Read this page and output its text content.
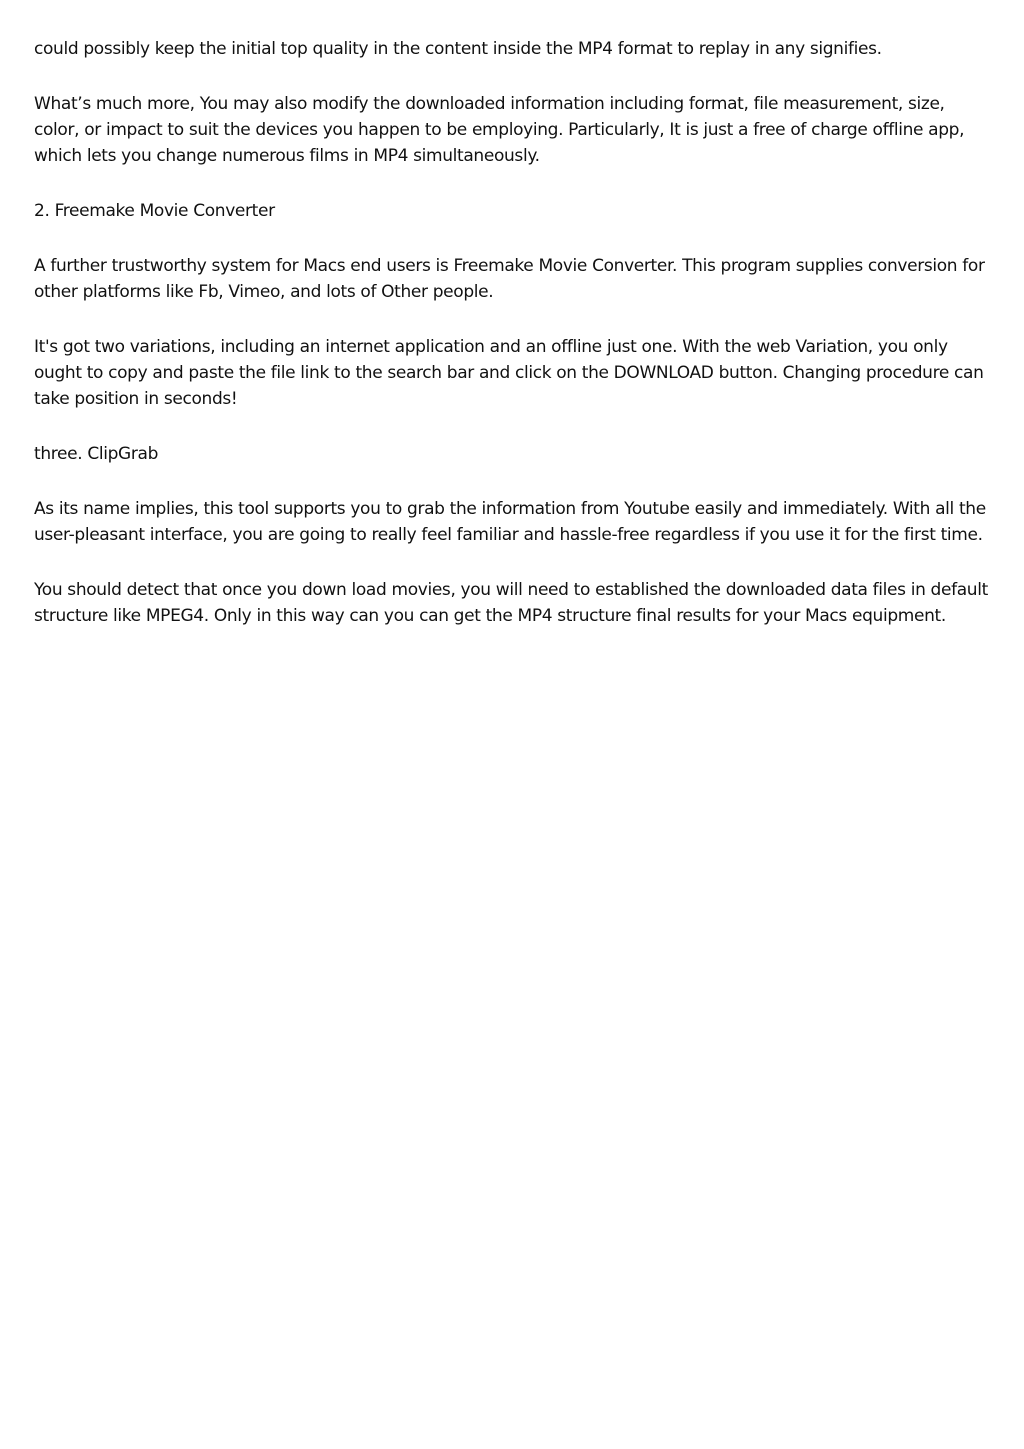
could possibly keep the initial top quality in the content inside the MP4 format to replay in any signifies.

What’s much more, You may also modify the downloaded information including format, file measurement, size, color, or impact to suit the devices you happen to be employing. Particularly, It is just a free of charge offline app, which lets you change numerous films in MP4 simultaneously.

2. Freemake Movie Converter

A further trustworthy system for Macs end users is Freemake Movie Converter. This program supplies conversion for other platforms like Fb, Vimeo, and lots of Other people.

It's got two variations, including an internet application and an offline just one. With the web Variation, you only ought to copy and paste the file link to the search bar and click on the DOWNLOAD button. Changing procedure can take position in seconds!

three. ClipGrab

As its name implies, this tool supports you to grab the information from Youtube easily and immediately. With all the user-pleasant interface, you are going to really feel familiar and hassle-free regardless if you use it for the first time.

You should detect that once you down load movies, you will need to established the downloaded data files in default structure like MPEG4. Only in this way can you can get the MP4 structure final results for your Macs equipment.
